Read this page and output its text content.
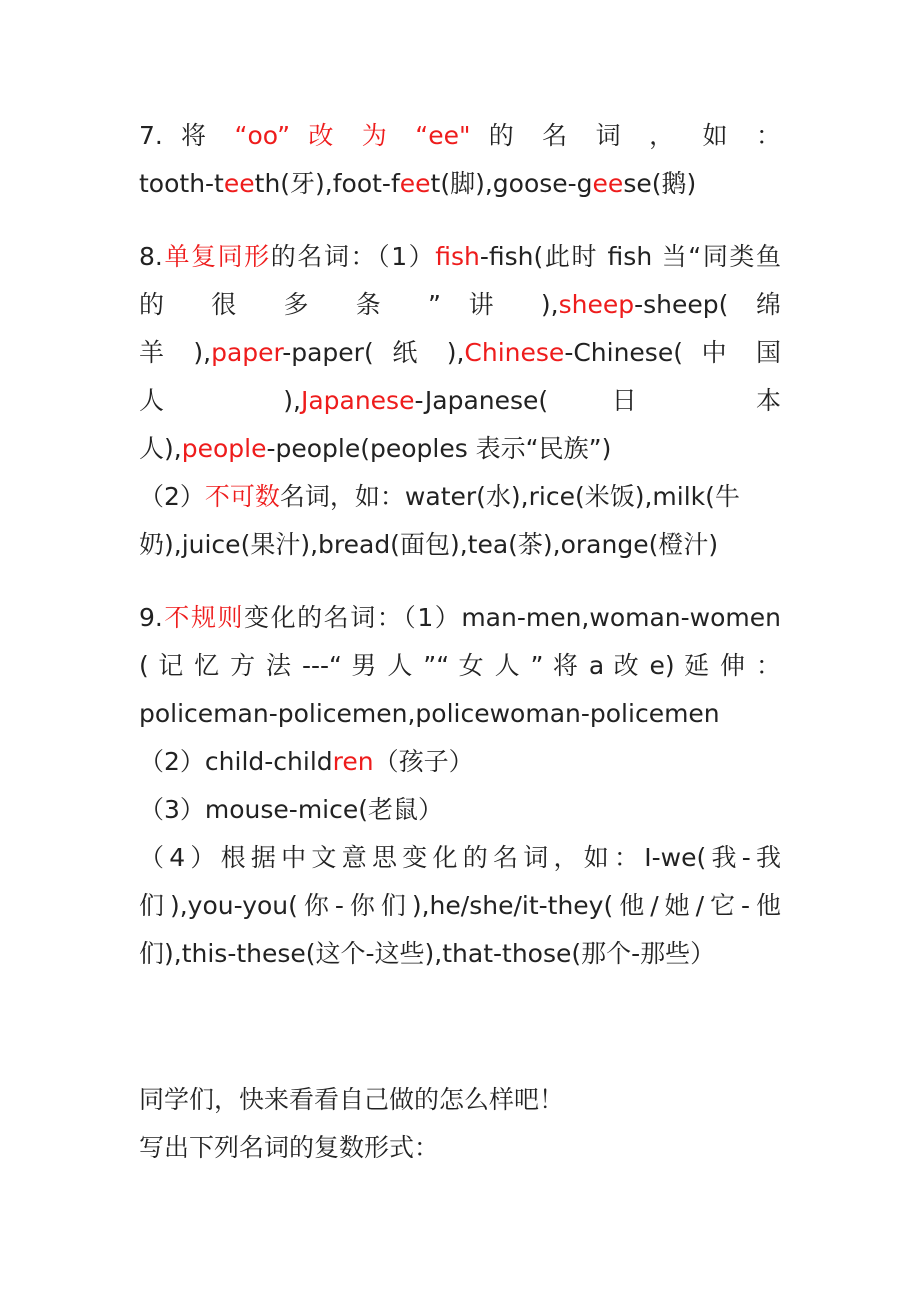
7. 将 “oo” 改 为 “ee" 的 名 词 ， 如 ：
tooth-teeth(牙),foot-feet(脚),goose-geese(鹅)
8.单复同形的名词：（1）fish-fish(此时 fish 当“同类鱼
的 很 多 条 ” 讲 ),sheep-sheep( 绵
羊 ),paper-paper( 纸 ),Chinese-Chinese( 中 国
人 ),Japanese-Japanese( 日 本
人),people-people(peoples 表示“民族”)
（2）不可数名词，如：water(水),rice(米饭),milk(牛
奶),juice(果汁),bread(面包),tea(茶),orange(橙汁)
9.不规则变化的名词：（1）man-men,woman-women
( 记 忆 方 法 ---“ 男 人 ”“ 女 人 ” 将 a 改 e) 延 伸 ：
policeman-policemen,policewoman-policemen
（2）child-children（孩子）
（3）mouse-mice(老鼠）
（4）根据中文意思变化的名词，如：I-we(我-我
们),you-you(你-你们),he/she/it-they(他/她/它-他
们),this-these(这个-这些),that-those(那个-那些）
同学们，快来看看自己做的怎么样吧！
写出下列名词的复数形式：
